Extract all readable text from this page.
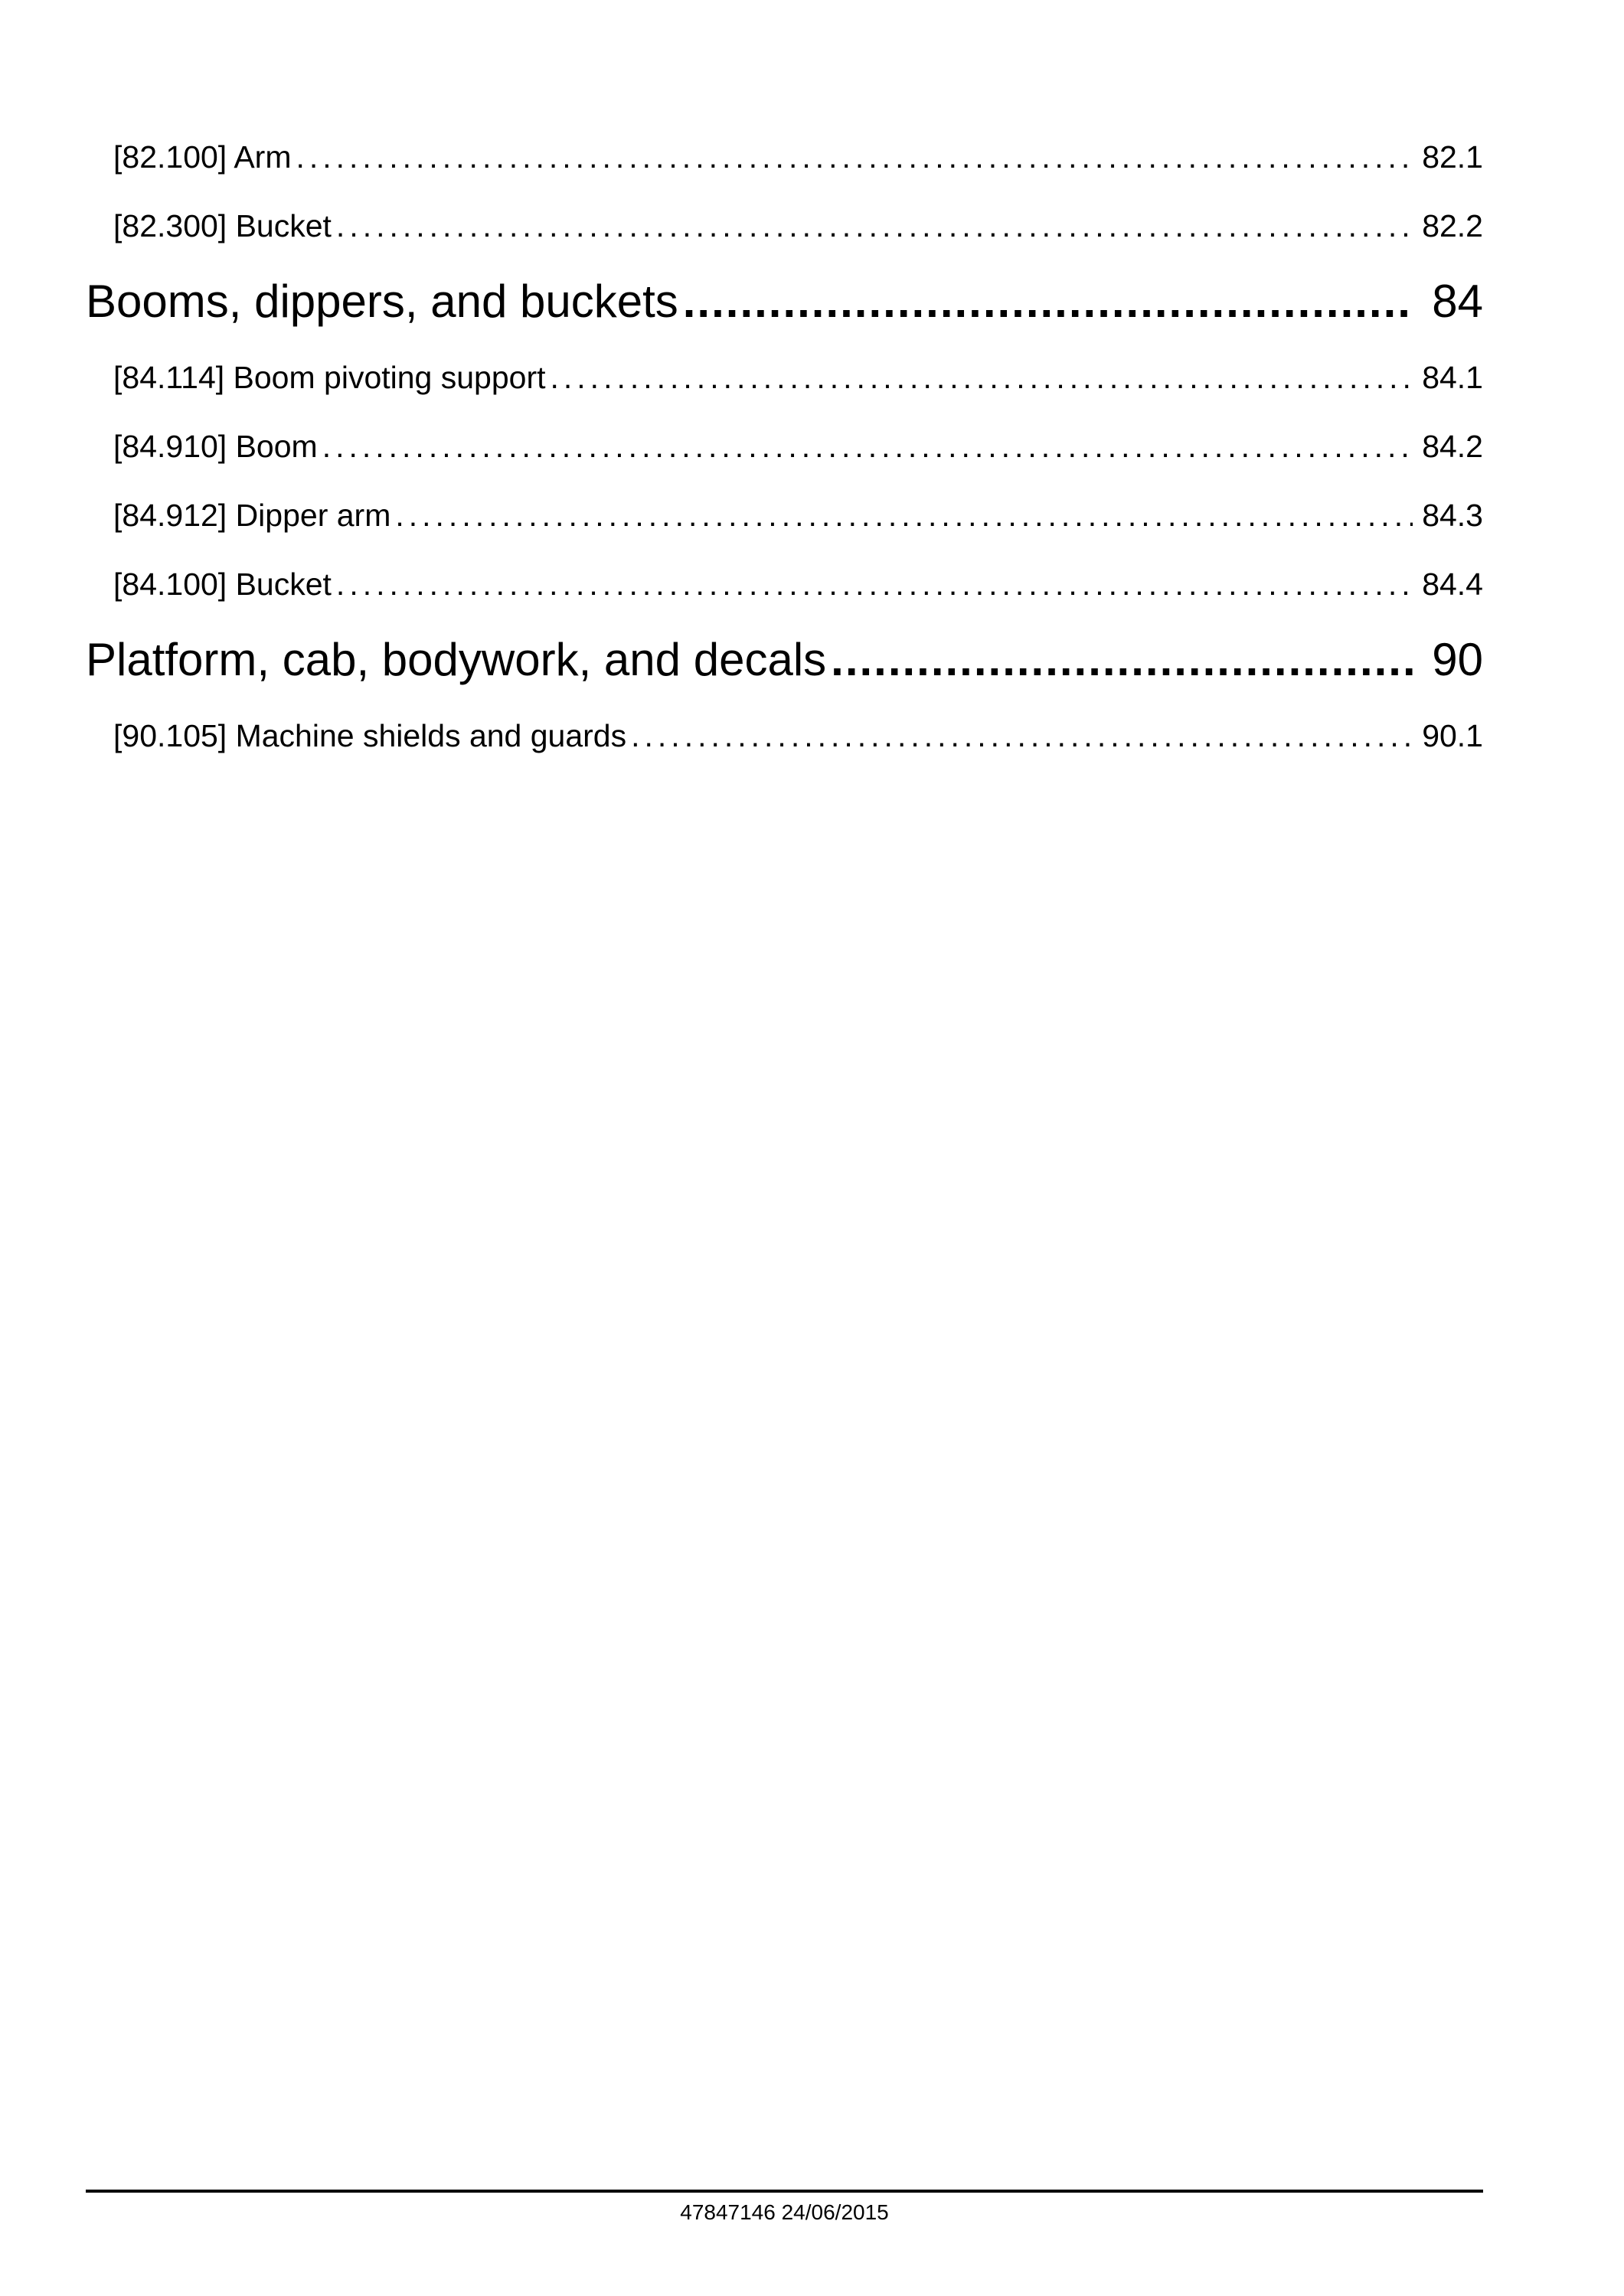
[82.100] Arm .....	82.1
[82.300] Bucket .....	82.2
Booms, dippers, and buckets .....	84
[84.114] Boom pivoting support .....	84.1
[84.910] Boom .....	84.2
[84.912] Dipper arm .....	84.3
[84.100] Bucket .....	84.4
Platform, cab, bodywork, and decals .....	90
[90.105] Machine shields and guards .....	90.1
47847146 24/06/2015
